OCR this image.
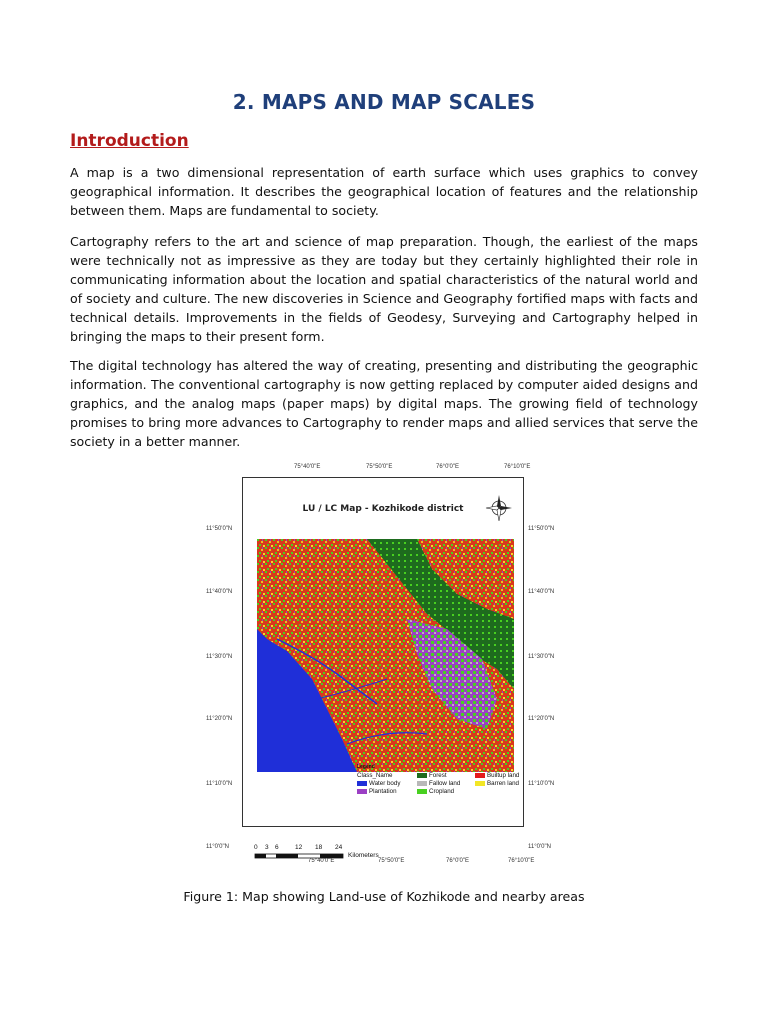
2. MAPS AND MAP SCALES
Introduction

A map is a two dimensional representation of earth surface which uses graphics to convey geographical information. It describes the geographical location of features and the relationship between them. Maps are fundamental to society.

Cartography refers to the art and science of map preparation. Though, the earliest of the maps were technically not as impressive as they are today but they certainly highlighted their role in communicating information about the location and spatial characteristics of the natural world and of society and culture. The new discoveries in Science and Geography fortified maps with facts and technical details. Improvements in the fields of Geodesy, Surveying and Cartography helped in bringing the maps to their present form.

The digital technology has altered the way of creating, presenting and distributing the geographic information. The conventional cartography is now getting replaced by computer aided designs and graphics, and the analog maps (paper maps) by digital maps. The growing field of technology promises to bring more advances to Cartography to render maps and allied services that serve the society in a better manner.

75°40'0"E	75°50'0"E	76°0'0"E	76°10'0"E
11°50'0"N
11°40'0"N
11°30'0"N
11°20'0"N
11°10'0"N
11°0'0"N
11°50'0"N
11°40'0"N
11°30'0"N
11°20'0"N
11°10'0"N
11°0'0"N
75°40'0"E	75°50'0"E	76°0'0"E	76°10'0"E
LU / LC Map - Kozhikode district
Legend
Class_Name	Forest	Builtup land
Water body	Fallow land	Barren land
Plantation	Cropland
0 3 6	12 18 24
Kilometers
Figure 1: Map showing Land-use of Kozhikode and nearby areas
